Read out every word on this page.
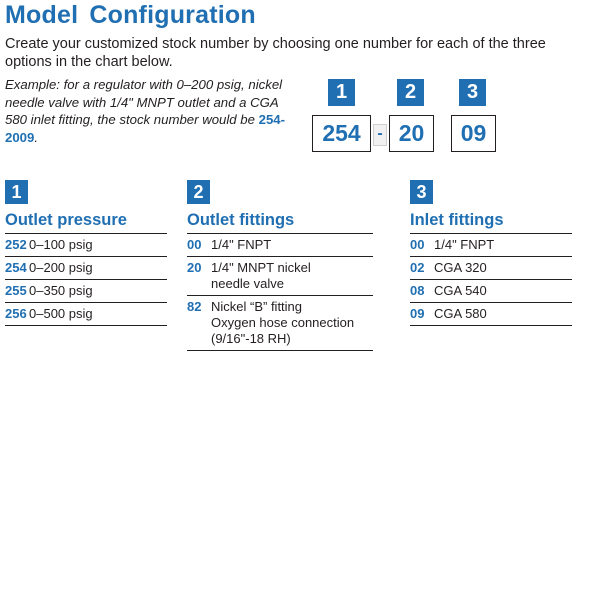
Model Configuration
Create your customized stock number by choosing one number for each of the three options in the chart below.
Example: for a regulator with 0–200 psig, nickel needle valve with 1/4" MNPT outlet and a CGA 580 inlet fitting, the stock number would be 254-2009.
1	2	3
254	- 20	09
1
Outlet pressure
252 0–100 psig
254 0–200 psig
255 0–350 psig
256 0–500 psig
2
Outlet fittings
00 1/4" FNPT
20 1/4" MNPT nickel
needle valve
82 Nickel “B” fitting
Oxygen hose connection
(9/16"-18 RH)
3
Inlet fittings
00 1/4" FNPT
02 CGA 320
08 CGA 540
09 CGA 580
